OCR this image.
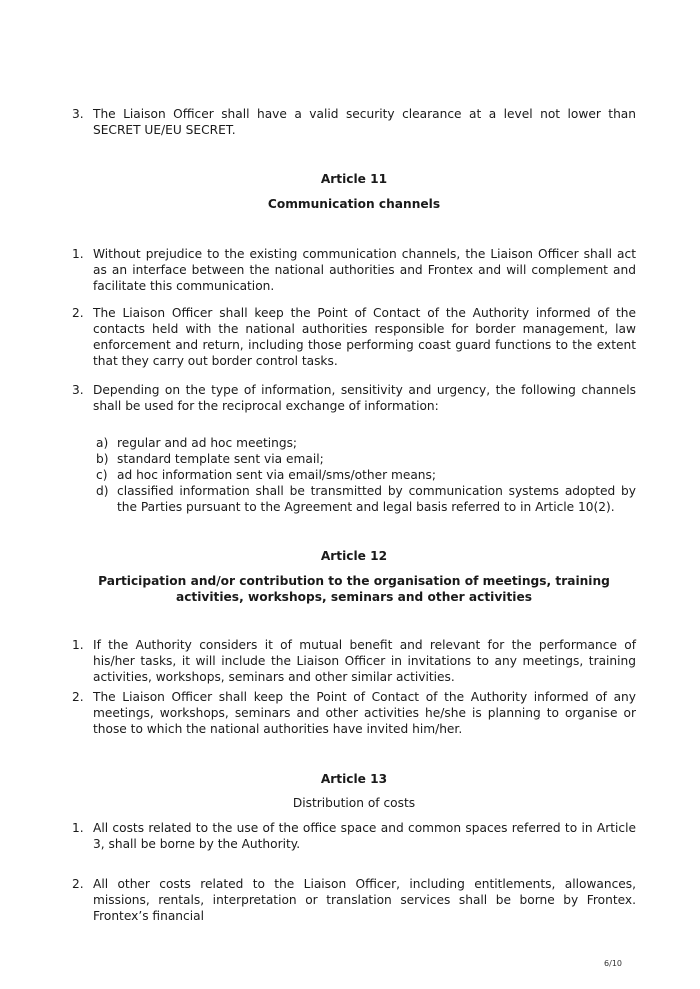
3. The Liaison Officer shall have a valid security clearance at a level not lower than SECRET UE/EU SECRET.
Article 11
Communication channels
1. Without prejudice to the existing communication channels, the Liaison Officer shall act as an interface between the national authorities and Frontex and will complement and facilitate this communication.
2. The Liaison Officer shall keep the Point of Contact of the Authority informed of the contacts held with the national authorities responsible for border management, law enforcement and return, including those performing coast guard functions to the extent that they carry out border control tasks.
3. Depending on the type of information, sensitivity and urgency, the following channels shall be used for the reciprocal exchange of information:
a) regular and ad hoc meetings;
b) standard template sent via email;
c) ad hoc information sent via email/sms/other means;
d) classified information shall be transmitted by communication systems adopted by the Parties pursuant to the Agreement and legal basis referred to in Article 10(2).
Article 12
Participation and/or contribution to the organisation of meetings, training activities, workshops, seminars and other activities
1. If the Authority considers it of mutual benefit and relevant for the performance of his/her tasks, it will include the Liaison Officer in invitations to any meetings, training activities, workshops, seminars and other similar activities.
2. The Liaison Officer shall keep the Point of Contact of the Authority informed of any meetings, workshops, seminars and other activities he/she is planning to organise or those to which the national authorities have invited him/her.
Article 13
Distribution of costs
1. All costs related to the use of the office space and common spaces referred to in Article 3, shall be borne by the Authority.
2. All other costs related to the Liaison Officer, including entitlements, allowances, missions, rentals, interpretation or translation services shall be borne by Frontex. Frontex’s financial
6/10
